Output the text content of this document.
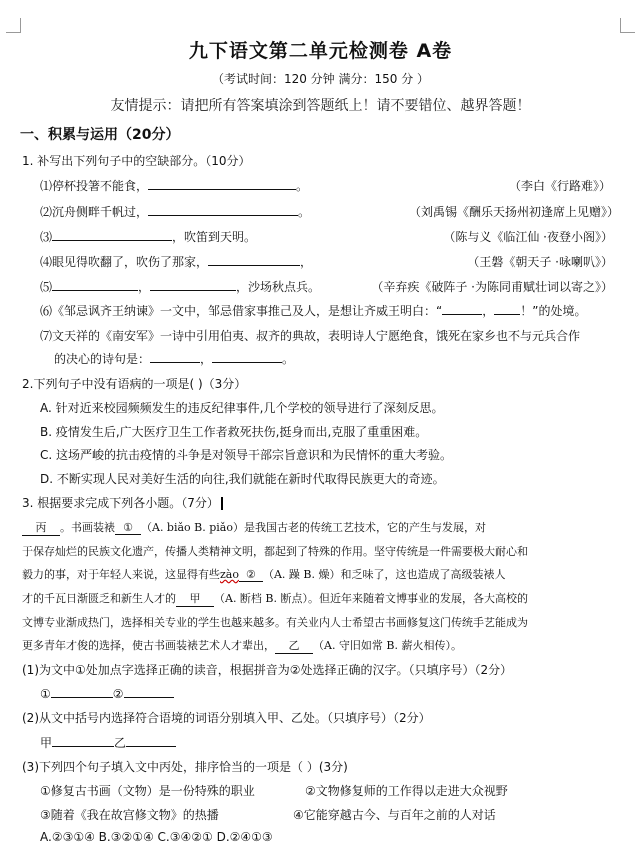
九下语文第二单元检测卷 A卷
（考试时间：120 分钟 满分：150 分 ）
友情提示：请把所有答案填涂到答题纸上！请不要错位、越界答题！
一、积累与运用（20分）
1. 补写出下列句子中的空缺部分。（10分）
⑴停杯投箸不能食，	。	（李白《行路难》）
⑵沉舟侧畔千帆过，	。	（刘禹锡《酬乐天扬州初逢席上见赠》）
⑶	，吹笛到天明。	（陈与义《临江仙 ·夜登小阁》）
⑷眼见得吹翻了，吹伤了那家，	，	（王磐《朝天子 ·咏喇叭》）
⑸	，	，沙场秋点兵。	（辛弃疾《破阵子 ·为陈同甫赋壮词以寄之》）
⑹《邹忌讽齐王纳谏》一文中，邹忌借家事推己及人，是想让齐威王明白：“	， ！”的处境。
⑺文天祥的《南安军》一诗中引用伯夷、叔齐的典故，表明诗人宁愿绝食，饿死在家乡也不与元兵合作
的决心的诗句是：	，	。
2.下列句子中没有语病的一项是( )（3分）
A. 针对近来校园频频发生的违反纪律事件,几个学校的领导进行了深刻反思。
B. 疫情发生后,广大医疗卫生工作者救死扶伤,挺身而出,克服了重重困难。
C. 这场严峻的抗击疫情的斗争是对领导干部宗旨意识和为民情怀的重大考验。
D. 不断实现人民对美好生活的向往,我们就能在新时代取得民族更大的奇迹。
3. 根据要求完成下列各小题。（7分）
丙 。书画装裱 ① （A. biǎo B. piǎo）是我国古老的传统工艺技术，它的产生与发展，对
于保存灿烂的民族文化遗产，传播人类精神文明，都起到了特殊的作用。坚守传统是一件需要极大耐心和
毅力的事，对于年轻人来说，这显得有些zào ② （A. 躁 B. 燥）和乏味了，这也造成了高级装裱人
才的千瓦日渐匮乏和新生人才的 甲 （A. 断档 B. 断点）。但近年来随着文博事业的发展，各大高校的
文博专业渐成热门，选择相关专业的学生也越来越多。有关业内人士希望古书画修复这门传统手艺能成为
更多青年才俊的选择，使古书画装裱艺术人才辈出， 乙 （A. 守旧如常 B. 薪火相传）。
(1)为文中①处加点字选择正确的读音，根据拼音为②处选择正确的汉字。（只填序号）（2分）
①	②
(2)从文中括号内选择符合语境的词语分别填入甲、乙处。（只填序号）（2分）
甲	乙
(3)下列四个句子填入文中丙处，排序恰当的一项是（ ）(3分)
①修复古书画（文物）是一份特殊的职业	②文物修复师的工作得以走进大众视野
③随着《我在故宫修文物》的热播	④它能穿越古今、与百年之前的人对话
A.②③①④ B.③②①④ C.③④②① D.②④①③
